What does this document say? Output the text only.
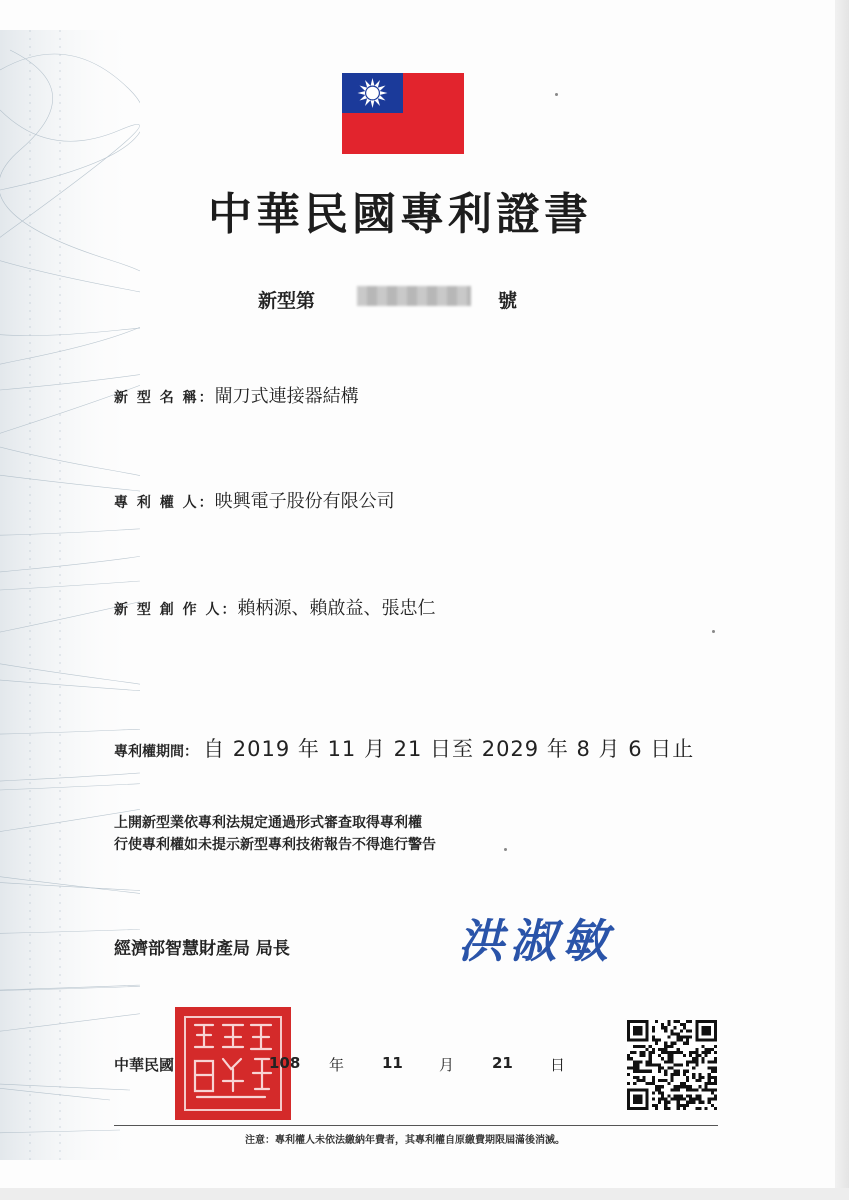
中華民國專利證書
新型第	號
新 型 名 稱：閘刀式連接器結構
專 利 權 人：映興電子股份有限公司
新 型 創 作 人：賴柄源、賴啟益、張忠仁
專利權期間： 自 2019 年 11 月 21 日至 2029 年 8 月 6 日止
上開新型業依專利法規定通過形式審查取得專利權
行使專利權如未提示新型專利技術報告不得進行警告
經濟部智慧財產局 局長	洪淑敏
中華民國	108 年	11 月	21 日
注意：專利權人未依法繳納年費者，其專利權自原繳費期限屆滿後消滅。
